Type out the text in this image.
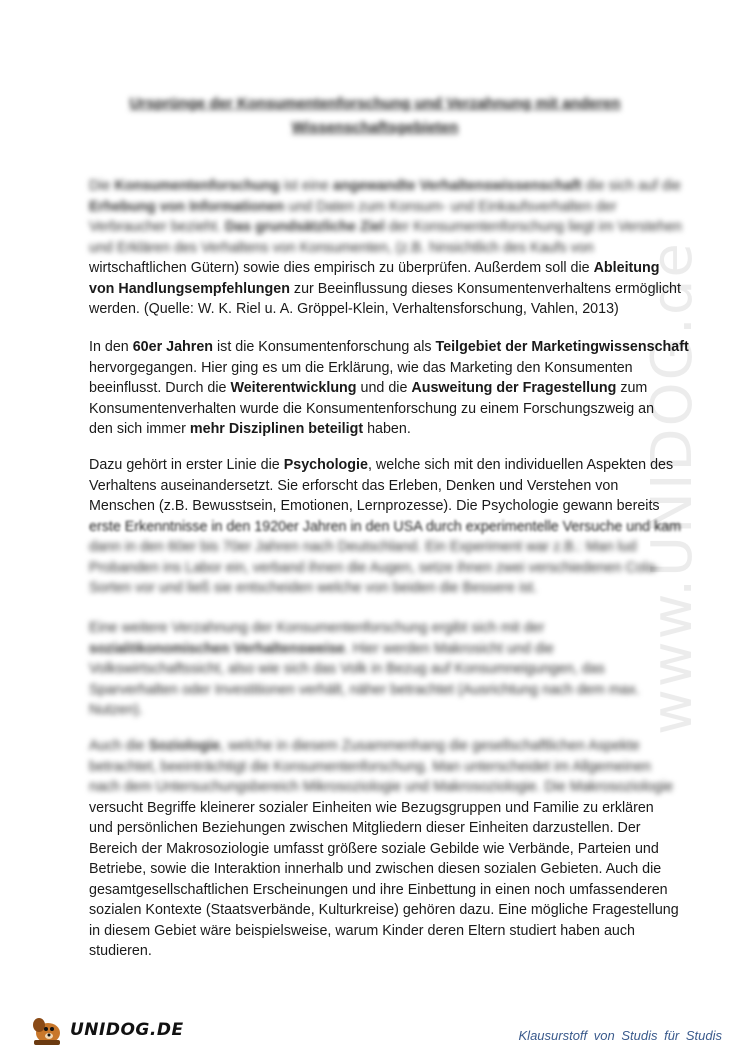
Ursprünge der Konsumentenforschung und Verzahnung mit anderen
Wissenschaftsgebieten
Die Konsumentenforschung ist eine angewandte Verhaltenswissenschaft die sich auf die
Erhebung von Informationen und Daten zum Konsum- und Einkaufsverhalten der
Verbraucher bezieht. Das grundsätzliche Ziel der Konsumentenforschung liegt im Verstehen
und Erklären des Verhaltens von Konsumenten, (z.B. hinsichtlich des Kaufs von
wirtschaftlichen Gütern) sowie dies empirisch zu überprüfen. Außerdem soll die Ableitung
von Handlungsempfehlungen zur Beeinflussung dieses Konsumentenverhaltens ermöglicht
werden. (Quelle: W. K. Riel u. A. Gröppel-Klein, Verhaltensforschung, Vahlen, 2013)
In den 60er Jahren ist die Konsumentenforschung als Teilgebiet der Marketingwissenschaft
hervorgegangen. Hier ging es um die Erklärung, wie das Marketing den Konsumenten
beeinflusst. Durch die Weiterentwicklung und die Ausweitung der Fragestellung zum
Konsumentenverhalten wurde die Konsumentenforschung zu einem Forschungszweig an
den sich immer mehr Disziplinen beteiligt haben.
Dazu gehört in erster Linie die Psychologie, welche sich mit den individuellen Aspekten des
Verhaltens auseinandersetzt. Sie erforscht das Erleben, Denken und Verstehen von
Menschen (z.B. Bewusstsein, Emotionen, Lernprozesse). Die Psychologie gewann bereits
erste Erkenntnisse in den 1920er Jahren in den USA durch experimentelle Versuche und kam
dann in den 60er bis 70er Jahren nach Deutschland. Ein Experiment war z.B.: Man lud
Probanden ins Labor ein, verband ihnen die Augen, setze ihnen zwei verschiedenen Cola-
Sorten vor und ließ sie entscheiden welche von beiden die Bessere ist.
Eine weitere Verzahnung der Konsumentenforschung ergibt sich mit der
sozialökonomischen Verhaltensweise. Hier werden Makrosicht und die
Volkswirtschaftssicht, also wie sich das Volk in Bezug auf Konsumneigungen, das
Sparverhalten oder Investitionen verhält, näher betrachtet (Ausrichtung nach dem max.
Nutzen).
Auch die Soziologie, welche in diesem Zusammenhang die gesellschaftlichen Aspekte
betrachtet, beeinträchtigt die Konsumentenforschung. Man unterscheidet im Allgemeinen
nach dem Untersuchungsbereich Mikrosoziologie und Makrosoziologie. Die Makrosoziologie
versucht Begriffe kleinerer sozialer Einheiten wie Bezugsgruppen und Familie zu erklären
und persönlichen Beziehungen zwischen Mitgliedern dieser Einheiten darzustellen. Der
Bereich der Makrosoziologie umfasst größere soziale Gebilde wie Verbände, Parteien und
Betriebe, sowie die Interaktion innerhalb und zwischen diesen sozialen Gebieten. Auch die
gesamtgesellschaftlichen Erscheinungen und ihre Einbettung in einen noch umfassenderen
sozialen Kontexte (Staatsverbände, Kulturkreise) gehören dazu. Eine mögliche Fragestellung
in diesem Gebiet wäre beispielsweise, warum Kinder deren Eltern studiert haben auch
studieren.
www.UNIDOG.de
UNIDOG.DE	Klausurstoff von Studis für Studis
